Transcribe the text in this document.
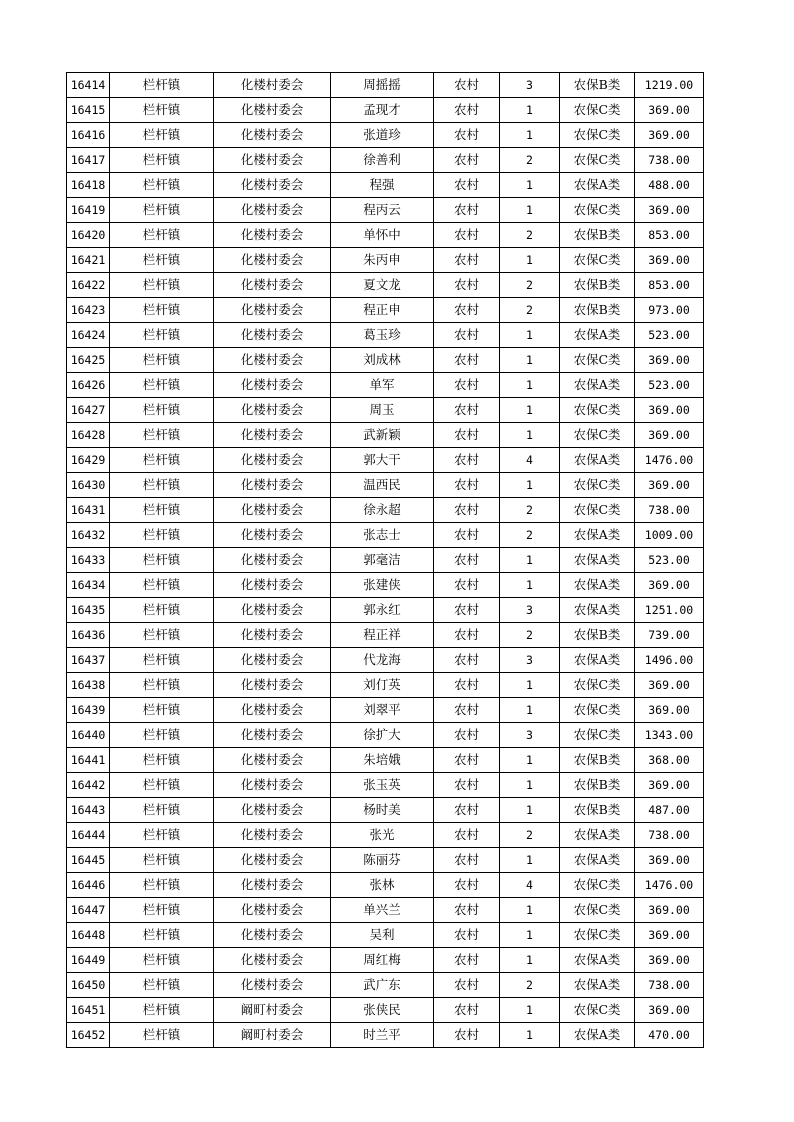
16414	栏杆镇	化楼村委会	周摇摇	农村	3	农保B类	1219.00
16415	栏杆镇	化楼村委会	孟现才	农村	1	农保C类	369.00
16416	栏杆镇	化楼村委会	张道珍	农村	1	农保C类	369.00
16417	栏杆镇	化楼村委会	徐善利	农村	2	农保C类	738.00
16418	栏杆镇	化楼村委会	程强	农村	1	农保A类	488.00
16419	栏杆镇	化楼村委会	程丙云	农村	1	农保C类	369.00
16420	栏杆镇	化楼村委会	单怀中	农村	2	农保B类	853.00
16421	栏杆镇	化楼村委会	朱丙申	农村	1	农保C类	369.00
16422	栏杆镇	化楼村委会	夏文龙	农村	2	农保B类	853.00
16423	栏杆镇	化楼村委会	程正申	农村	2	农保B类	973.00
16424	栏杆镇	化楼村委会	葛玉珍	农村	1	农保A类	523.00
16425	栏杆镇	化楼村委会	刘成林	农村	1	农保C类	369.00
16426	栏杆镇	化楼村委会	单军	农村	1	农保A类	523.00
16427	栏杆镇	化楼村委会	周玉	农村	1	农保C类	369.00
16428	栏杆镇	化楼村委会	武新颖	农村	1	农保C类	369.00
16429	栏杆镇	化楼村委会	郭大干	农村	4	农保A类	1476.00
16430	栏杆镇	化楼村委会	温西民	农村	1	农保C类	369.00
16431	栏杆镇	化楼村委会	徐永超	农村	2	农保C类	738.00
16432	栏杆镇	化楼村委会	张志士	农村	2	农保A类	1009.00
16433	栏杆镇	化楼村委会	郭毫洁	农村	1	农保A类	523.00
16434	栏杆镇	化楼村委会	张建侠	农村	1	农保A类	369.00
16435	栏杆镇	化楼村委会	郭永红	农村	3	农保A类	1251.00
16436	栏杆镇	化楼村委会	程正祥	农村	2	农保B类	739.00
16437	栏杆镇	化楼村委会	代龙海	农村	3	农保A类	1496.00
16438	栏杆镇	化楼村委会	刘仃英	农村	1	农保C类	369.00
16439	栏杆镇	化楼村委会	刘翠平	农村	1	农保C类	369.00
16440	栏杆镇	化楼村委会	徐扩大	农村	3	农保C类	1343.00
16441	栏杆镇	化楼村委会	朱培娥	农村	1	农保B类	368.00
16442	栏杆镇	化楼村委会	张玉英	农村	1	农保B类	369.00
16443	栏杆镇	化楼村委会	杨时美	农村	1	农保B类	487.00
16444	栏杆镇	化楼村委会	张光	农村	2	农保A类	738.00
16445	栏杆镇	化楼村委会	陈丽芬	农村	1	农保A类	369.00
16446	栏杆镇	化楼村委会	张林	农村	4	农保C类	1476.00
16447	栏杆镇	化楼村委会	单兴兰	农村	1	农保C类	369.00
16448	栏杆镇	化楼村委会	吴利	农村	1	农保C类	369.00
16449	栏杆镇	化楼村委会	周红梅	农村	1	农保A类	369.00
16450	栏杆镇	化楼村委会	武广东	农村	2	农保A类	738.00
16451	栏杆镇	阚町村委会	张侠民	农村	1	农保C类	369.00
16452	栏杆镇	阚町村委会	时兰平	农村	1	农保A类	470.00
